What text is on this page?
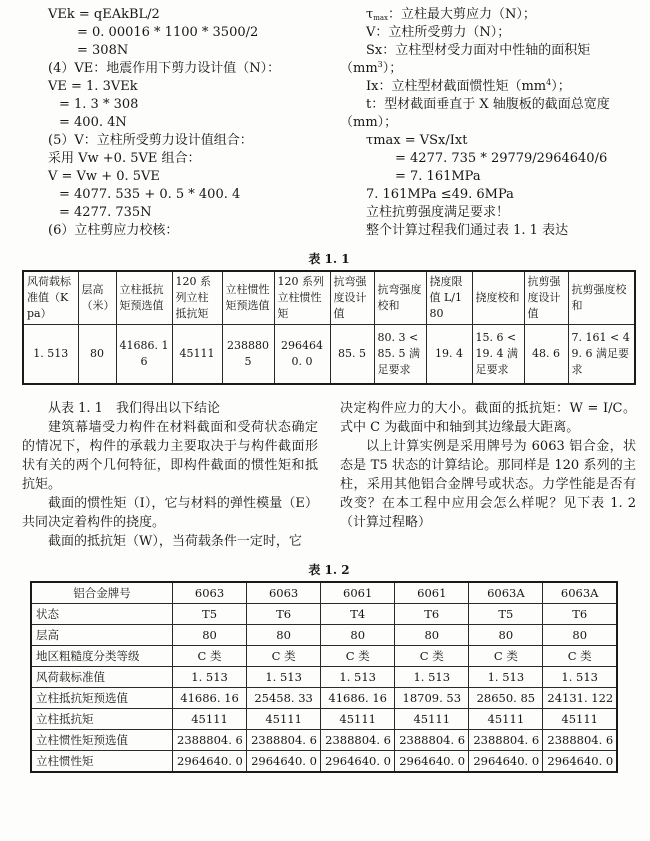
VEk = qEAkBL/2
= 0. 00016 * 1100 * 3500/2
= 308N
(4）VE：地震作用下剪力设计值（N）：
VE = 1. 3VEk
= 1. 3 * 308
= 400. 4N
(5）V：立柱所受剪力设计值组合：
采用 Vw +0. 5VE 组合：
V = Vw + 0. 5VE
= 4077. 535 + 0. 5 * 400. 4
= 4277. 735N
(6）立柱剪应力校核：
$\tau_{max}$：立柱最大剪应力（N）；
V：立柱所受剪力（N）；
Sx：立柱型材受力面对中性轴的面积矩
$(mm^3)$；
Ix：立柱型材截面惯性矩$(mm^4)$；
t：型材截面垂直于 X 轴腹板的截面总宽度
（mm）；
τmax = VSx/Ixt
= 4277. 735 * 29779/2964640/6
= 7. 161MPa
7. 161MPa ≤49. 6MPa
立柱抗剪强度满足要求！
整个计算过程我们通过表 1. 1 表达
表 1. 1
风荷载标准值（Kpa）	层高（米）	立柱抵抗矩预选值	120 系列立柱抵抗矩	立柱惯性矩预选值	120 系列立柱惯性矩	抗弯强度设计值	抗弯强度校和	挠度限值 L/180	挠度校和	抗剪强度设计值	抗剪强度校和
1. 513	80	41686. 16	45111	2388805	2964640. 0	85. 5	80. 3 < 85. 5 满足要求	19. 4	15. 6 < 19. 4 满足要求	48. 6	7. 161 < 49. 6 满足要求

从表 1. 1　我们得出以下结论

建筑幕墙受力构件在材料截面和受荷状态确定的情况下，构件的承载力主要取决于与构件截面形状有关的两个几何特征，即构件截面的惯性矩和抵抗矩。

截面的惯性矩（I），它与材料的弹性模量（E）共同决定着构件的挠度。

截面的抵抗矩（W），当荷载条件一定时，它

决定构件应力的大小。截面的抵抗矩：W = I/C。式中 C 为截面中和轴到其边缘最大距离。

以上计算实例是采用牌号为 6063 铝合金，状态是 T5 状态的计算结论。那同样是 120 系列的主柱，采用其他铝合金牌号或状态。力学性能是否有改变？在本工程中应用会怎么样呢？见下表 1. 2（计算过程略）

表 1. 2
铝合金牌号	6063	6063	6061	6061	6063A	6063A
状态	T5	T6	T4	T6	T5	T6
层高	80	80	80	80	80	80
地区粗糙度分类等级	C 类	C 类	C 类	C 类	C 类	C 类
风荷载标准值	1. 513	1. 513	1. 513	1. 513	1. 513	1. 513
立柱抵抗矩预选值	41686. 16	25458. 33	41686. 16	18709. 53	28650. 85	24131. 122
立柱抵抗矩	45111	45111	45111	45111	45111	45111
立柱惯性矩预选值	2388804. 6	2388804. 6	2388804. 6	2388804. 6	2388804. 6	2388804. 6
立柱惯性矩	2964640. 0	2964640. 0	2964640. 0	2964640. 0	2964640. 0	2964640. 0
